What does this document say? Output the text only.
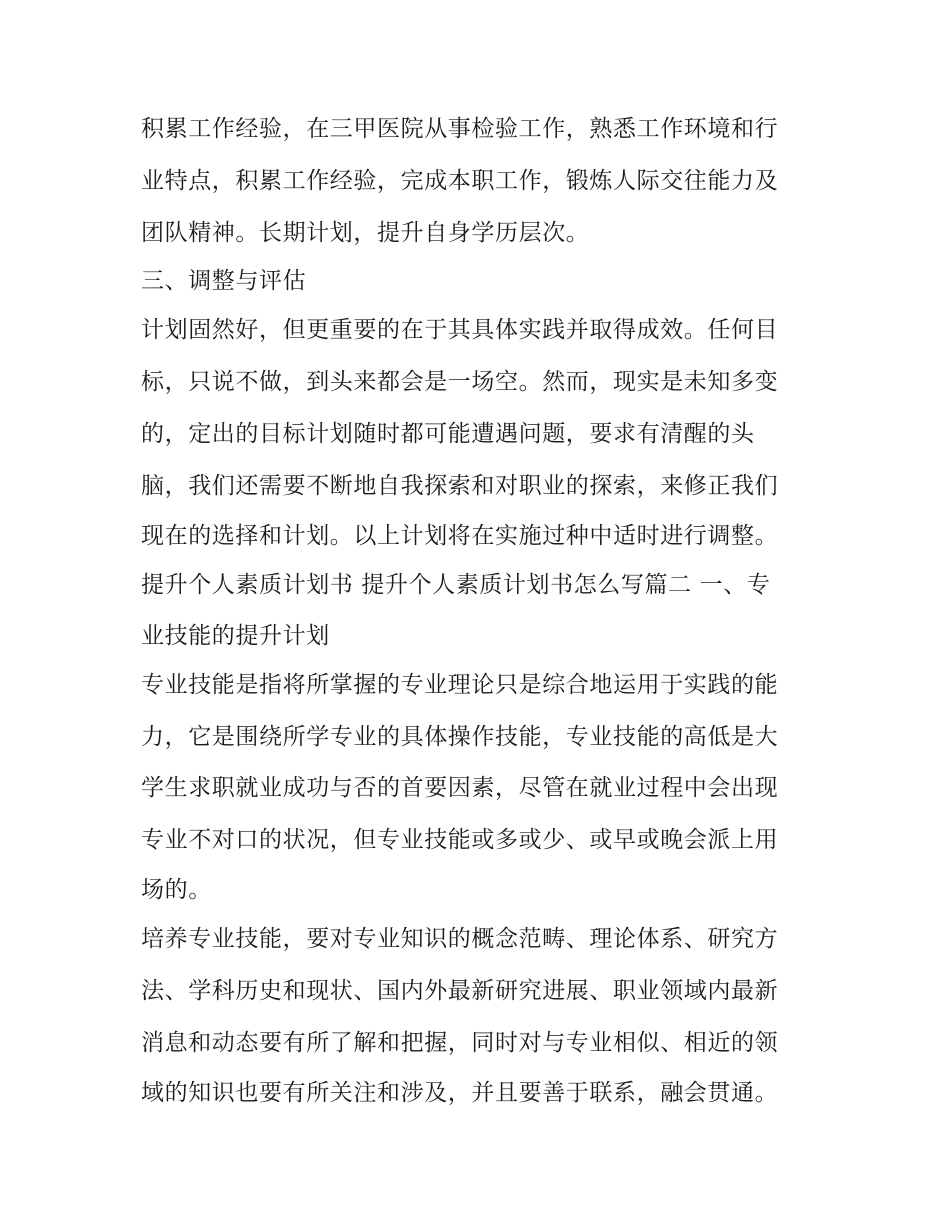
积累工作经验，在三甲医院从事检验工作，熟悉工作环境和行
业特点，积累工作经验，完成本职工作，锻炼人际交往能力及
团队精神。长期计划，提升自身学历层次。
三、调整与评估
计划固然好，但更重要的在于其具体实践并取得成效。任何目
标，只说不做，到头来都会是一场空。然而，现实是未知多变
的，定出的目标计划随时都可能遭遇问题，要求有清醒的头
脑，我们还需要不断地自我探索和对职业的探索，来修正我们
现在的选择和计划。以上计划将在实施过种中适时进行调整。
提升个人素质计划书 提升个人素质计划书怎么写篇二 一、专
业技能的提升计划
专业技能是指将所掌握的专业理论只是综合地运用于实践的能
力，它是围绕所学专业的具体操作技能，专业技能的高低是大
学生求职就业成功与否的首要因素，尽管在就业过程中会出现
专业不对口的状况，但专业技能或多或少、或早或晚会派上用
场的。
培养专业技能，要对专业知识的概念范畴、理论体系、研究方
法、学科历史和现状、国内外最新研究进展、职业领域内最新
消息和动态要有所了解和把握，同时对与专业相似、相近的领
域的知识也要有所关注和涉及，并且要善于联系，融会贯通。
